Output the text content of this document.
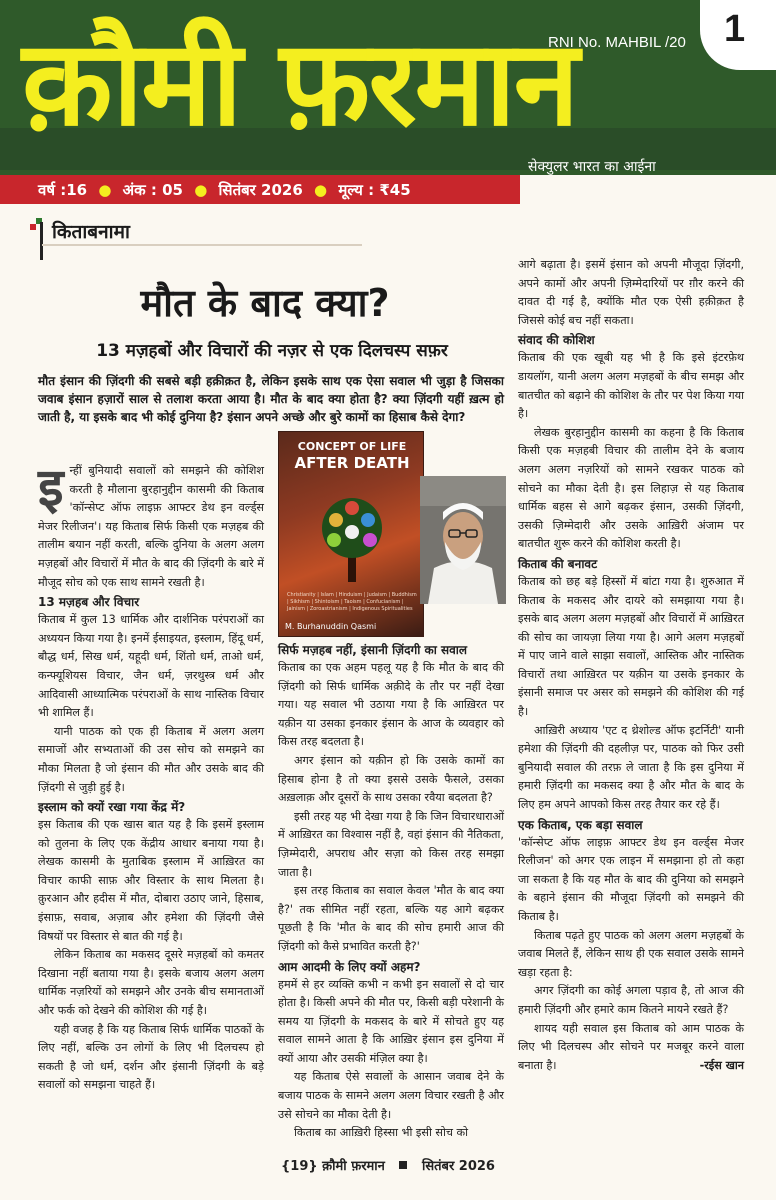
क़ौमी फ़रमान
RNI No. MAHBIL /20 1
सेक्युलर भारत का आईना
वर्ष :16 ● अंक : 05 ● सितंबर 2026 ● मूल्य : ₹45
किताबनामा
मौत के बाद क्या?
13 मज़हबों और विचारों की नज़र से एक दिलचस्प सफ़र
मौत इंसान की ज़िंदगी की सबसे बड़ी हक़ीक़त है, लेकिन इसके साथ एक ऐसा सवाल भी जुड़ा है जिसका जवाब इंसान हज़ारों साल से तलाश करता आया है। मौत के बाद क्या होता है? क्या ज़िंदगी यहीं ख़त्म हो जाती है, या इसके बाद भी कोई दुनिया है? इंसान अपने अच्छे और बुरे कामों का हिसाब कैसे देगा?

इन्हीं बुनियादी सवालों को समझने की कोशिश करती है मौलाना बुरहानुद्दीन कासमी की किताब 'कॉन्सेप्ट ऑफ लाइफ़ आफ्टर डेथ इन वर्ल्ड्स मेजर रिलीजन'। यह किताब सिर्फ किसी एक मज़हब की तालीम बयान नहीं करती, बल्कि दुनिया के अलग अलग मज़हबों और विचारों में मौत के बाद की ज़िंदगी के बारे में मौजूद सोच को एक साथ सामने रखती है।

13 मज़हब और विचार

किताब में कुल 13 धार्मिक और दार्शनिक परंपराओं का अध्ययन किया गया है। इनमें ईसाइयत, इस्लाम, हिंदू धर्म, बौद्ध धर्म, सिख धर्म, यहूदी धर्म, शिंतो धर्म, ताओ धर्म, कन्फ्यूशियस विचार, जैन धर्म, ज़रथुस्त्र धर्म और आदिवासी आध्यात्मिक परंपराओं के साथ नास्तिक विचार भी शामिल हैं।

यानी पाठक को एक ही किताब में अलग अलग समाजों और सभ्यताओं की उस सोच को समझने का मौका मिलता है जो इंसान की मौत और उसके बाद की ज़िंदगी से जुड़ी हुई है।

इस्लाम को क्यों रखा गया केंद्र में?

इस किताब की एक खास बात यह है कि इसमें इस्लाम को तुलना के लिए एक केंद्रीय आधार बनाया गया है। लेखक कासमी के मुताबिक इस्लाम में आख़िरत का विचार काफी साफ़ और विस्तार के साथ मिलता है। क़ुरआन और हदीस में मौत, दोबारा उठाए जाने, हिसाब, इंसाफ़, सवाब, अज़ाब और हमेशा की ज़िंदगी जैसे विषयों पर विस्तार से बात की गई है।

लेकिन किताब का मकसद दूसरे मज़हबों को कमतर दिखाना नहीं बताया गया है। इसके बजाय अलग अलग धार्मिक नज़रियों को समझने और उनके बीच समानताओं और फर्क को देखने की कोशिश की गई है।

यही वजह है कि यह किताब सिर्फ धार्मिक पाठकों के लिए नहीं, बल्कि उन लोगों के लिए भी दिलचस्प हो सकती है जो धर्म, दर्शन और इंसानी ज़िंदगी के बड़े सवालों को समझना चाहते हैं।

CONCEPT OF LIFE
AFTER DEATH
Christianity | Islam | Hinduism | Judaism | Buddhism | Sikhism | Shintoism | Taoism | Confucianism | Jainism | Zoroastrianism | Indigenous Spiritualities
M. Burhanuddin Qasmi
सिर्फ मज़हब नहीं, इंसानी ज़िंदगी का सवाल

किताब का एक अहम पहलू यह है कि मौत के बाद की ज़िंदगी को सिर्फ धार्मिक अक़ीदे के तौर पर नहीं देखा गया। यह सवाल भी उठाया गया है कि आख़िरत पर यक़ीन या उसका इनकार इंसान के आज के व्यवहार को किस तरह बदलता है।

अगर इंसान को यक़ीन हो कि उसके कामों का हिसाब होना है तो क्या इससे उसके फैसले, उसका अख़लाक़ और दूसरों के साथ उसका रवैया बदलता है?

इसी तरह यह भी देखा गया है कि जिन विचारधाराओं में आख़िरत का विश्वास नहीं है, वहां इंसान की नैतिकता, ज़िम्मेदारी, अपराध और सज़ा को किस तरह समझा जाता है।

इस तरह किताब का सवाल केवल 'मौत के बाद क्या है?' तक सीमित नहीं रहता, बल्कि यह आगे बढ़कर पूछती है कि 'मौत के बाद की सोच हमारी आज की ज़िंदगी को कैसे प्रभावित करती है?'

आम आदमी के लिए क्यों अहम?

हममें से हर व्यक्ति कभी न कभी इन सवालों से दो चार होता है। किसी अपने की मौत पर, किसी बड़ी परेशानी के समय या ज़िंदगी के मकसद के बारे में सोचते हुए यह सवाल सामने आता है कि आख़िर इंसान इस दुनिया में क्यों आया और उसकी मंज़िल क्या है।

यह किताब ऐसे सवालों के आसान जवाब देने के बजाय पाठक के सामने अलग अलग विचार रखती है और उसे सोचने का मौका देती है।

किताब का आख़िरी हिस्सा भी इसी सोच को

आगे बढ़ाता है। इसमें इंसान को अपनी मौजूदा ज़िंदगी, अपने कामों और अपनी ज़िम्मेदारियों पर ग़ौर करने की दावत दी गई है, क्योंकि मौत एक ऐसी हक़ीक़त है जिससे कोई बच नहीं सकता।

संवाद की कोशिश

किताब की एक खूबी यह भी है कि इसे इंटरफ़ेथ डायलॉग, यानी अलग अलग मज़हबों के बीच समझ और बातचीत को बढ़ाने की कोशिश के तौर पर पेश किया गया है।

लेखक बुरहानुद्दीन कासमी का कहना है कि किताब किसी एक मज़हबी विचार की तालीम देने के बजाय अलग अलग नज़रियों को सामने रखकर पाठक को सोचने का मौका देती है। इस लिहाज़ से यह किताब धार्मिक बहस से आगे बढ़कर इंसान, उसकी ज़िंदगी, उसकी ज़िम्मेदारी और उसके आख़िरी अंजाम पर बातचीत शुरू करने की कोशिश करती है।

किताब की बनावट

किताब को छह बड़े हिस्सों में बांटा गया है। शुरुआत में किताब के मकसद और दायरे को समझाया गया है। इसके बाद अलग अलग मज़हबों और विचारों में आख़िरत की सोच का जायज़ा लिया गया है। आगे अलग मज़हबों में पाए जाने वाले साझा सवालों, आस्तिक और नास्तिक विचारों तथा आख़िरत पर यक़ीन या उसके इनकार के इंसानी समाज पर असर को समझने की कोशिश की गई है।

आख़िरी अध्याय 'एट द थ्रेशोल्ड ऑफ इटर्निटी' यानी हमेशा की ज़िंदगी की दहलीज़ पर, पाठक को फिर उसी बुनियादी सवाल की तरफ़ ले जाता है कि इस दुनिया में हमारी ज़िंदगी का मकसद क्या है और मौत के बाद के लिए हम अपने आपको किस तरह तैयार कर रहे हैं।

एक किताब, एक बड़ा सवाल

'कॉन्सेप्ट ऑफ लाइफ़ आफ्टर डेथ इन वर्ल्ड्स मेजर रिलीजन' को अगर एक लाइन में समझाना हो तो कहा जा सकता है कि यह मौत के बाद की दुनिया को समझने के बहाने इंसान की मौजूदा ज़िंदगी को समझने की किताब है।

किताब पढ़ते हुए पाठक को अलग अलग मज़हबों के जवाब मिलते हैं, लेकिन साथ ही एक सवाल उसके सामने खड़ा रहता है:

अगर ज़िंदगी का कोई अगला पड़ाव है, तो आज की हमारी ज़िंदगी और हमारे काम कितने मायने रखते हैं?

शायद यही सवाल इस किताब को आम पाठक के लिए भी दिलचस्प और सोचने पर मजबूर करने वाला बनाता है।	-रईस खान

{19} क़ौमी फ़रमान	सितंबर 2026
